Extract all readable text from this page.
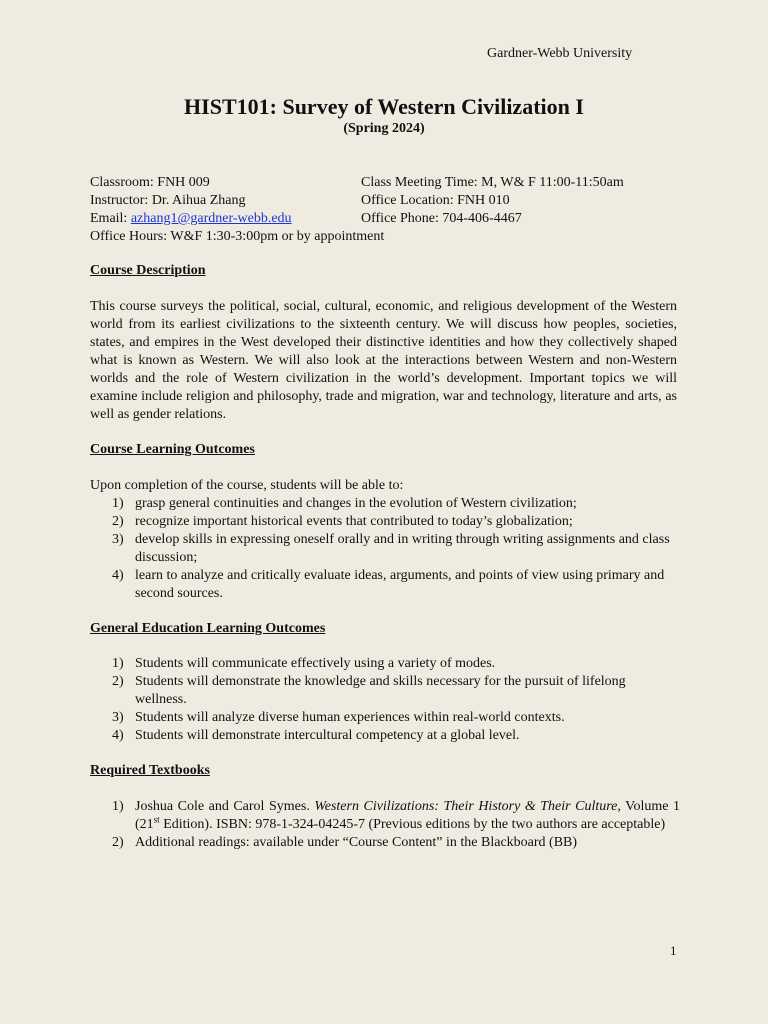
Gardner-Webb University
HIST101: Survey of Western Civilization I
(Spring 2024)
Classroom: FNH 009	Class Meeting Time: M, W& F 11:00-11:50am
Instructor: Dr. Aihua Zhang	Office Location: FNH 010
Email: azhang1@gardner-webb.edu	Office Phone: 704-406-4467
Office Hours: W&F 1:30-3:00pm or by appointment
Course Description
This course surveys the political, social, cultural, economic, and religious development of the Western world from its earliest civilizations to the sixteenth century. We will discuss how peoples, societies, states, and empires in the West developed their distinctive identities and how they collectively shaped what is known as Western. We will also look at the interactions between Western and non-Western worlds and the role of Western civilization in the world’s development. Important topics we will examine include religion and philosophy, trade and migration, war and technology, literature and arts, as well as gender relations.
Course Learning Outcomes
Upon completion of the course, students will be able to:
1) grasp general continuities and changes in the evolution of Western civilization;
2) recognize important historical events that contributed to today’s globalization;
3) develop skills in expressing oneself orally and in writing through writing assignments and class discussion;
4) learn to analyze and critically evaluate ideas, arguments, and points of view using primary and second sources.
General Education Learning Outcomes
1) Students will communicate effectively using a variety of modes.
2) Students will demonstrate the knowledge and skills necessary for the pursuit of lifelong wellness.
3) Students will analyze diverse human experiences within real-world contexts.
4) Students will demonstrate intercultural competency at a global level.
Required Textbooks
1) Joshua Cole and Carol Symes. Western Civilizations: Their History & Their Culture, Volume 1 (21st Edition). ISBN: 978-1-324-04245-7 (Previous editions by the two authors are acceptable)
2) Additional readings: available under “Course Content” in the Blackboard (BB)
1
